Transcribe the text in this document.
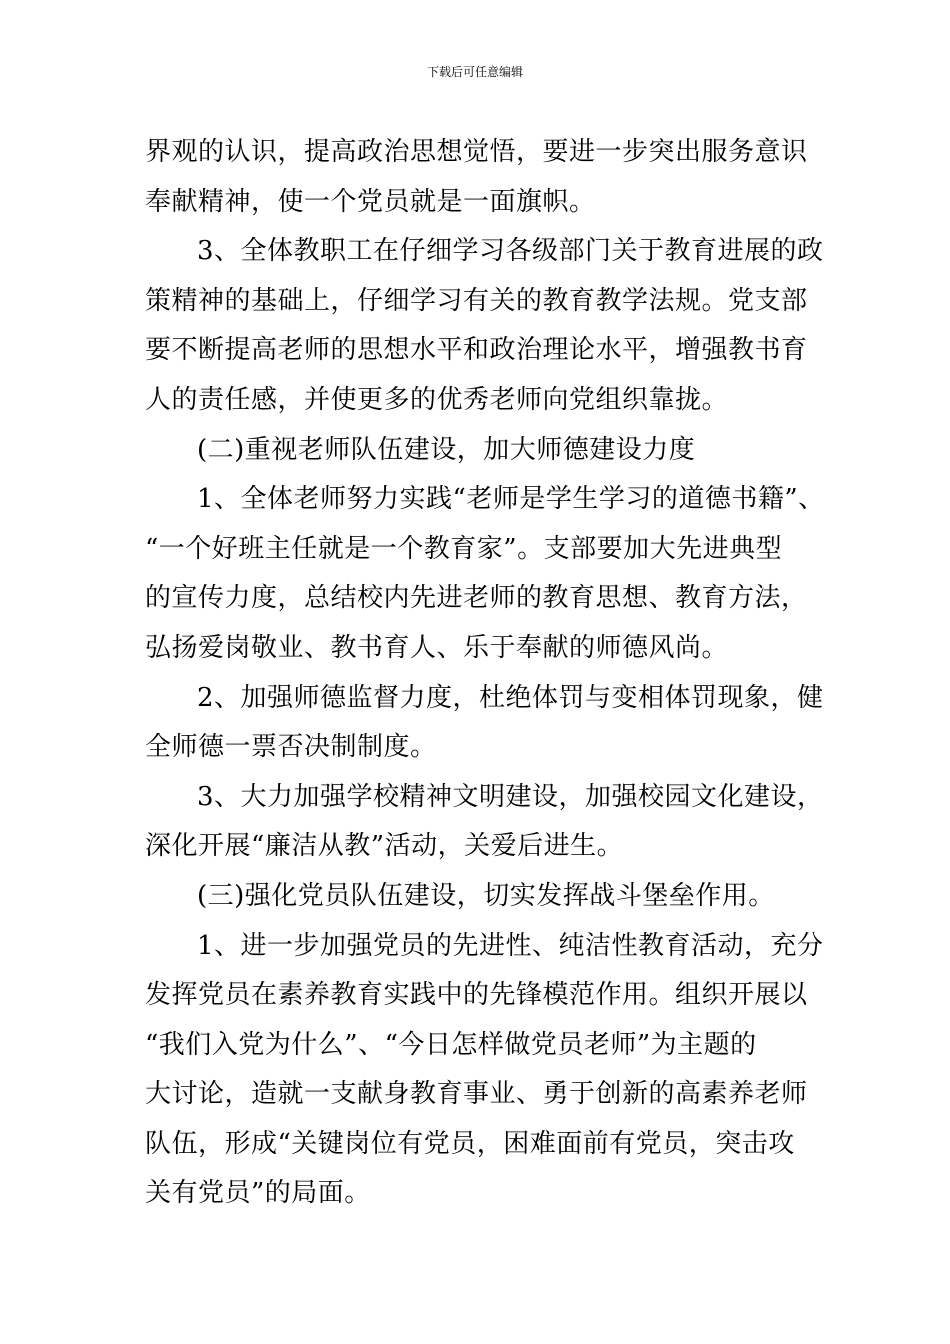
下载后可任意编辑
界观的认识，提高政治思想觉悟，要进一步突出服务意识
奉献精神，使一个党员就是一面旗帜。
3、全体教职工在仔细学习各级部门关于教育进展的政
策精神的基础上，仔细学习有关的教育教学法规。党支部
要不断提高老师的思想水平和政治理论水平，增强教书育
人的责任感，并使更多的优秀老师向党组织靠拢。
(二)重视老师队伍建设，加大师德建设力度
1、全体老师努力实践“老师是学生学习的道德书籍”、
“一个好班主任就是一个教育家”。支部要加大先进典型
的宣传力度，总结校内先进老师的教育思想、教育方法，
弘扬爱岗敬业、教书育人、乐于奉献的师德风尚。
2、加强师德监督力度，杜绝体罚与变相体罚现象，健
全师德一票否决制制度。
3、大力加强学校精神文明建设，加强校园文化建设，
深化开展“廉洁从教”活动，关爱后进生。
(三)强化党员队伍建设，切实发挥战斗堡垒作用。
1、进一步加强党员的先进性、纯洁性教育活动，充分
发挥党员在素养教育实践中的先锋模范作用。组织开展以
“我们入党为什么”、“今日怎样做党员老师”为主题的
大讨论，造就一支献身教育事业、勇于创新的高素养老师
队伍，形成“关键岗位有党员，困难面前有党员，突击攻
关有党员”的局面。
